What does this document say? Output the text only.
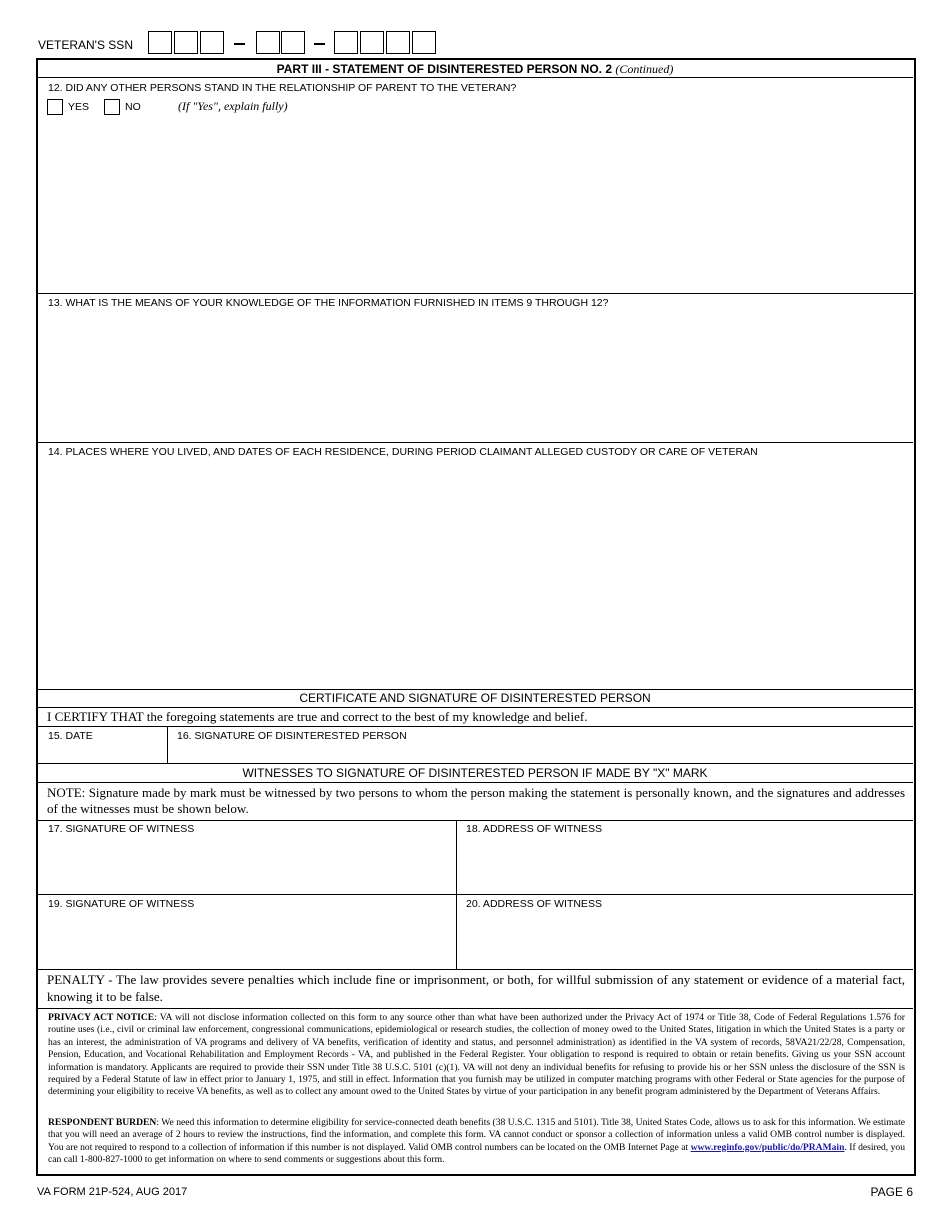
VETERAN'S SSN
PART III - STATEMENT OF DISINTERESTED PERSON NO. 2 (Continued)
12. DID ANY OTHER PERSONS STAND IN THE RELATIONSHIP OF PARENT TO THE VETERAN?
YES	NO	(If "Yes", explain fully)
13. WHAT IS THE MEANS OF YOUR KNOWLEDGE OF THE INFORMATION FURNISHED IN ITEMS 9 THROUGH 12?
14. PLACES WHERE YOU LIVED, AND DATES OF EACH RESIDENCE, DURING PERIOD CLAIMANT ALLEGED CUSTODY OR CARE OF VETERAN
CERTIFICATE AND SIGNATURE OF DISINTERESTED PERSON
I CERTIFY THAT the foregoing statements are true and correct to the best of my knowledge and belief.
15. DATE	16. SIGNATURE OF DISINTERESTED PERSON
WITNESSES TO SIGNATURE OF DISINTERESTED PERSON IF MADE BY "X" MARK
NOTE: Signature made by mark must be witnessed by two persons to whom the person making the statement is personally known, and the signatures and addresses of the witnesses must be shown below.
17. SIGNATURE OF WITNESS	18. ADDRESS OF WITNESS
19. SIGNATURE OF WITNESS	20. ADDRESS OF WITNESS
PENALTY - The law provides severe penalties which include fine or imprisonment, or both, for willful submission of any statement or evidence of a material fact, knowing it to be false.
PRIVACY ACT NOTICE: VA will not disclose information collected on this form to any source other than what have been authorized under the Privacy Act of 1974 or Title 38, Code of Federal Regulations 1.576 for routine uses (i.e., civil or criminal law enforcement, congressional communications, epidemiological or research studies, the collection of money owed to the United States, litigation in which the United States is a party or has an interest, the administration of VA programs and delivery of VA benefits, verification of identity and status, and personnel administration) as identified in the VA system of records, 58VA21/22/28, Compensation, Pension, Education, and Vocational Rehabilitation and Employment Records - VA, and published in the Federal Register. Your obligation to respond is required to obtain or retain benefits. Giving us your SSN account information is mandatory. Applicants are required to provide their SSN under Title 38 U.S.C. 5101 (c)(1). VA will not deny an individual benefits for refusing to provide his or her SSN unless the disclosure of the SSN is required by a Federal Statute of law in effect prior to January 1, 1975, and still in effect. Information that you furnish may be utilized in computer matching programs with other Federal or State agencies for the purpose of determining your eligibility to receive VA benefits, as well as to collect any amount owed to the United States by virtue of your participation in any benefit program administered by the Department of Veterans Affairs.
RESPONDENT BURDEN: We need this information to determine eligibility for service-connected death benefits (38 U.S.C. 1315 and 5101). Title 38, United States Code, allows us to ask for this information. We estimate that you will need an average of 2 hours to review the instructions, find the information, and complete this form. VA cannot conduct or sponsor a collection of information unless a valid OMB control number is displayed. You are not required to respond to a collection of information if this number is not displayed. Valid OMB control numbers can be located on the OMB Internet Page at www.reginfo.gov/public/do/PRAMain. If desired, you can call 1-800-827-1000 to get information on where to send comments or suggestions about this form.
VA FORM 21P-524, AUG 2017	PAGE 6
